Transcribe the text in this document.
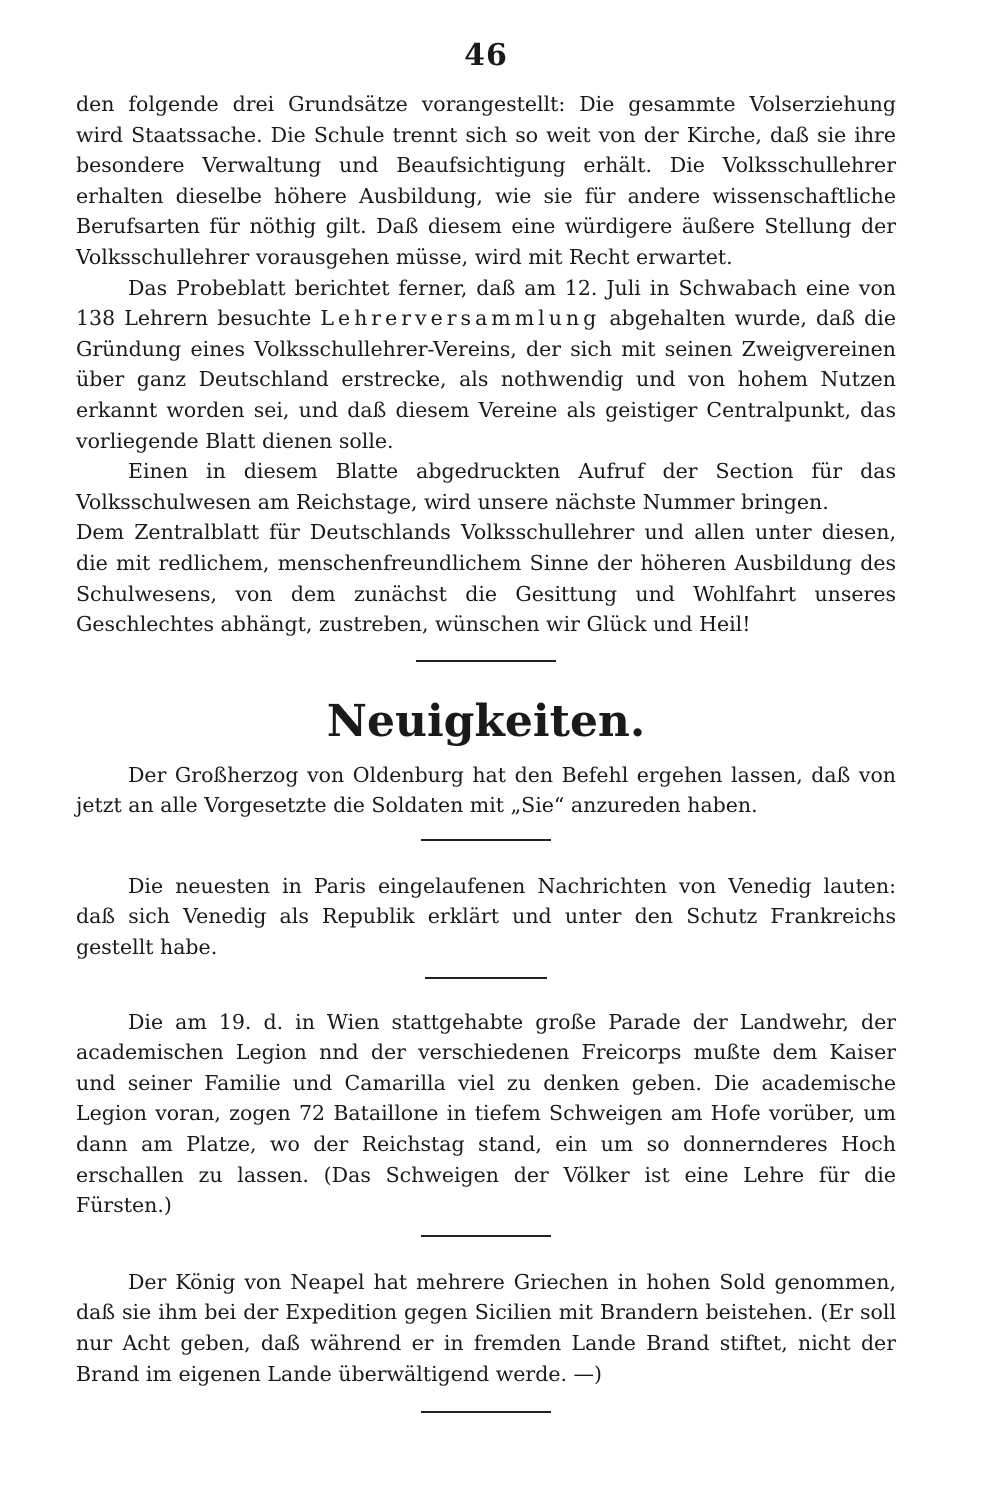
46

den folgende drei Grundsätze vorangestellt: Die gesammte Volserziehung wird Staatssache. Die Schule trennt sich so weit von der Kirche, daß sie ihre besondere Verwaltung und Beaufsichtigung erhält. Die Volksschullehrer erhalten dieselbe höhere Ausbildung, wie sie für andere wissenschaftliche Berufsarten für nöthig gilt. Daß diesem eine würdigere äußere Stellung der Volksschullehrer vorausgehen müsse, wird mit Recht erwartet.

Das Probeblatt berichtet ferner, daß am 12. Juli in Schwabach eine von 138 Lehrern besuchte Lehrerversammlung abgehalten wurde, daß die Gründung eines Volksschullehrer-Vereins, der sich mit seinen Zweigvereinen über ganz Deutschland erstrecke, als nothwendig und von hohem Nutzen erkannt worden sei, und daß diesem Vereine als geistiger Centralpunkt, das vorliegende Blatt dienen solle.

Einen in diesem Blatte abgedruckten Aufruf der Section für das Volksschulwesen am Reichstage, wird unsere nächste Nummer bringen.

Dem Zentralblatt für Deutschlands Volksschullehrer und allen unter diesen, die mit redlichem, menschenfreundlichem Sinne der höheren Ausbildung des Schulwesens, von dem zunächst die Gesittung und Wohlfahrt unseres Geschlechtes abhängt, zustreben, wünschen wir Glück und Heil!

Neuigkeiten.

Der Großherzog von Oldenburg hat den Befehl ergehen lassen, daß von jetzt an alle Vorgesetzte die Soldaten mit „Sie“ anzureden haben.

Die neuesten in Paris eingelaufenen Nachrichten von Venedig lauten: daß sich Venedig als Republik erklärt und unter den Schutz Frankreichs gestellt habe.

Die am 19. d. in Wien stattgehabte große Parade der Landwehr, der academischen Legion nnd der verschiedenen Freicorps mußte dem Kaiser und seiner Familie und Camarilla viel zu denken geben. Die academische Legion voran, zogen 72 Bataillone in tiefem Schweigen am Hofe vorüber, um dann am Platze, wo der Reichstag stand, ein um so donnernderes Hoch erschallen zu lassen. (Das Schweigen der Völker ist eine Lehre für die Fürsten.)

Der König von Neapel hat mehrere Griechen in hohen Sold genommen, daß sie ihm bei der Expedition gegen Sicilien mit Brandern beistehen. (Er soll nur Acht geben, daß während er in fremden Lande Brand stiftet, nicht der Brand im eigenen Lande überwältigend werde. —)
